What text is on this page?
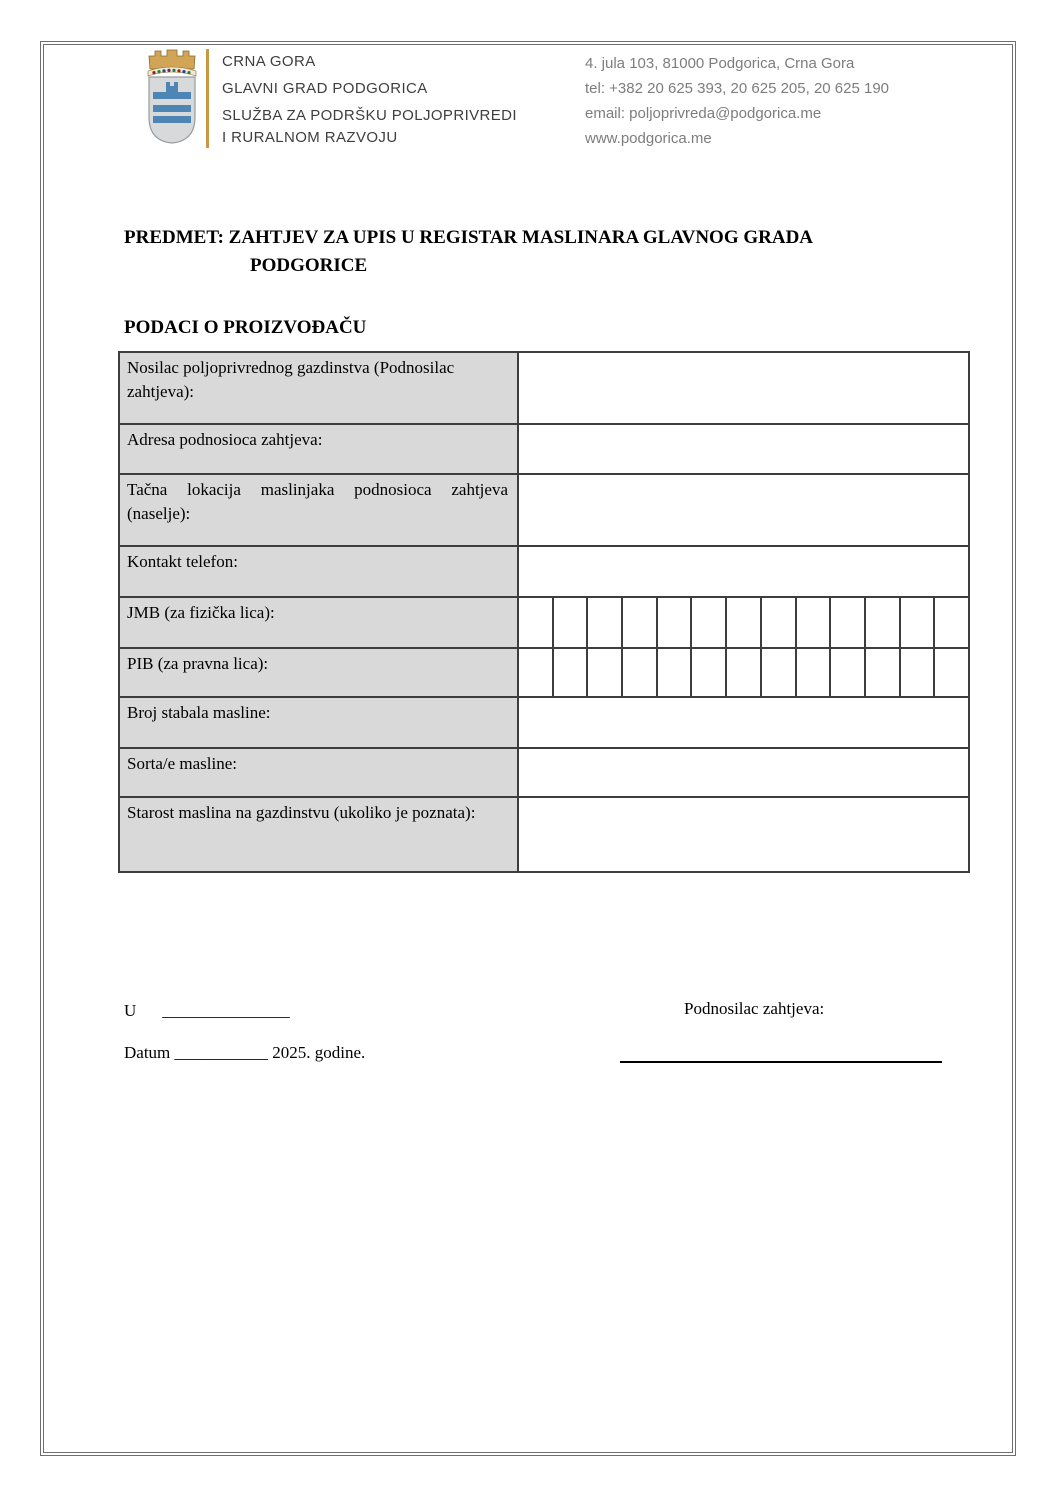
CRNA GORA
GLAVNI GRAD PODGORICA
SLUŽBA ZA PODRŠKU POLJOPRIVREDI
I RURALNOM RAZVOJU
4. jula 103, 81000 Podgorica, Crna Gora
tel: +382 20 625 393, 20 625 205, 20 625 190
email: poljoprivreda@podgorica.me
www.podgorica.me
PREDMET: ZAHTJEV ZA UPIS U REGISTAR MASLINARA GLAVNOG GRADA
PODGORICE
PODACI O PROIZVOĐAČU
Nosilac poljoprivrednog gazdinstva (Podnosilac zahtjeva):	
Adresa podnosioca zahtjeva:	
Tačna lokacija maslinjaka podnosioca zahtjeva (naselje):	
Kontakt telefon:	
JMB (za fizička lica):	

PIB (za pravna lica):	

Broj stabala masline:	
Sorta/e masline:	
Starost maslina na gazdinstvu (ukoliko je poznata):	
U _______________	Podnosilac zahtjeva:
Datum ___________ 2025. godine.
